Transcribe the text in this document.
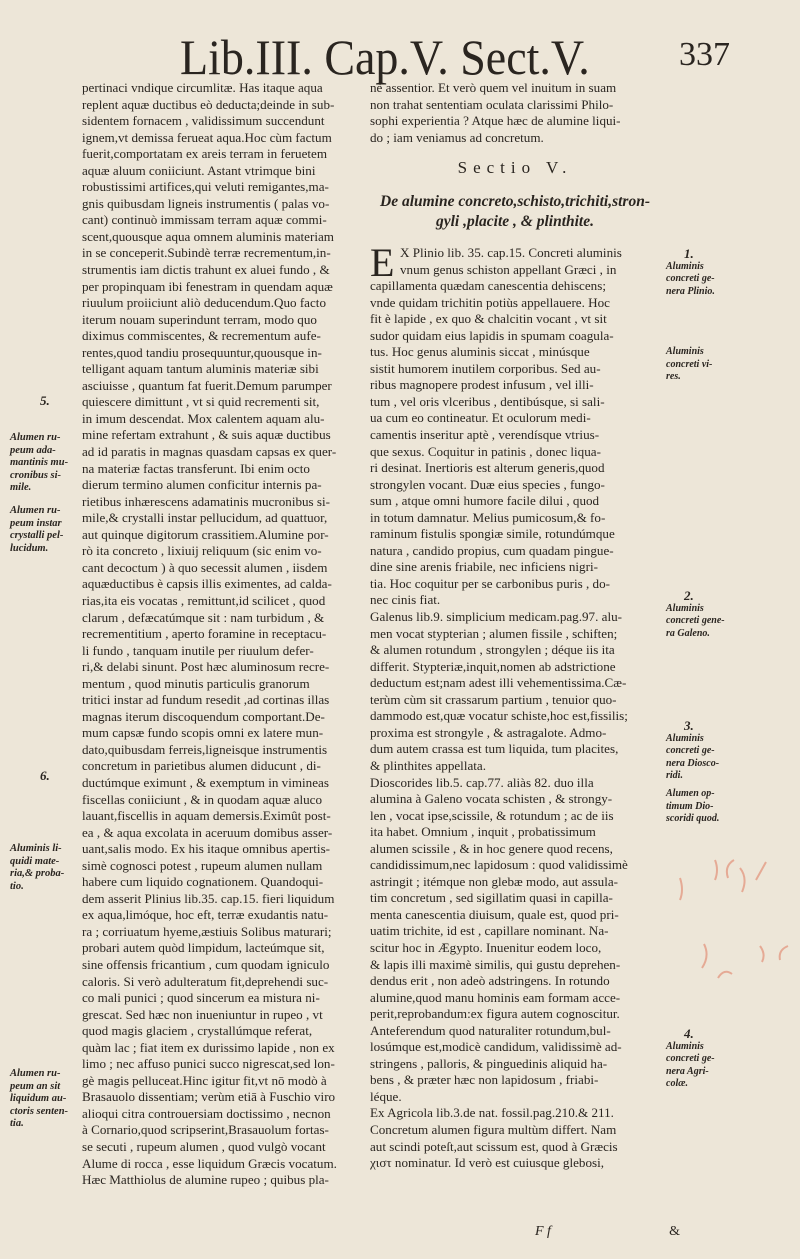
Lib.III. Cap.V. Sect.V.	337
pertinaci vndique circumlitæ. Has itaque aqua
replent aquæ ductibus eò deducta;deinde in sub-
sidentem fornacem , validissimum succendunt
ignem,vt demissa ferueat aqua.Hoc cùm factum
fuerit,comportatam ex areis terram in feruetem
aquæ aluum coniiciunt. Astant vtrimque bini
robustissimi artifices,qui veluti remigantes,ma-
gnis quibusdam ligneis instrumentis ( palas vo-
cant) continuò immissam terram aquæ commi-
scent,quousque aqua omnem aluminis materiam
in se conceperit.Subindè terræ recrementum,in-
strumentis iam dictis trahunt ex aluei fundo , &
per propinquam ibi fenestram in quendam aquæ
riuulum proiiciunt aliò deducendum.Quo facto
iterum nouam superindunt terram, modo quo
diximus commiscentes, & recrementum aufe-
rentes,quod tandiu prosequuntur,quousque in-
telligant aquam tantum aluminis materiæ sibi
asciuisse , quantum fat fuerit.Demum parumper
quiescere dimittunt , vt si quid recrementi sit,
in imum descendat. Mox calentem aquam alu-
mine refertam extrahunt , & suis aquæ ductibus
ad id paratis in magnas quasdam capsas ex quer-
na materiæ factas transferunt. Ibi enim octo
dierum termino alumen conficitur internis pa-
rietibus inhærescens adamatinis mucronibus si-
mile,& crystalli instar pellucidum, ad quattuor,
aut quinque digitorum crassitiem.Alumine por-
rò ita concreto , lixiuij reliquum (sic enim vo-
cant decoctum ) à quo secessit alumen , iisdem
aquæductibus è capsis illis eximentes, ad calda-
rias,ita eis vocatas , remittunt,id scilicet , quod
clarum , defæcatúmque sit : nam turbidum , &
recrementitium , aperto foramine in receptacu-
li fundo , tanquam inutile per riuulum defer-
ri,& delabi sinunt. Post hæc aluminosum recre-
mentum , quod minutis particulis granorum
tritici instar ad fundum resedit ,ad cortinas illas
magnas iterum discoquendum comportant.De-
mum capsæ fundo scopis omni ex latere mun-
dato,quibusdam ferreis,ligneisque instrumentis
concretum in parietibus alumen diducunt , di-
ductúmque eximunt , & exemptum in vimineas
fiscellas coniiciunt , & in quodam aquæ aluco
lauant,fiscellis in aquam demersis.Eximût post-
ea , & aqua excolata in aceruum domibus asser-
uant,salis modo. Ex his itaque omnibus apertis-
simè cognosci potest , rupeum alumen nullam
habere cum liquido cognationem. Quandoqui-
dem asserit Plinius lib.35. cap.15. fieri liquidum
ex aqua,limóque, hoc eft, terræ exudantis natu-
ra ; corriuatum hyeme,æstiuis Solibus maturari;
probari autem quòd limpidum, lacteúmque sit,
sine offensis fricantium , cum quodam igniculo
caloris. Si verò adulteratum fit,deprehendi suc-
co mali punici ; quod sincerum ea mistura ni-
grescat. Sed hæc non inueniuntur in rupeo , vt
quod magis glaciem , crystallúmque referat,
quàm lac ; fiat item ex durissimo lapide , non ex
limo ; nec affuso punici succo nigrescat,sed lon-
gè magis pelluceat.Hinc igitur fit,vt nō modò à
Brasauolo dissentiam; verùm etiā à Fuschio viro
alioqui citra controuersiam doctissimo , necnon
à Cornario,quod scripserint,Brasauolum fortas-
se secuti , rupeum alumen , quod vulgò vocant
Alume di rocca , esse liquidum Græcis vocatum.
Hæc Matthiolus de alumine rupeo ; quibus pla-
nè assentior. Et verò quem vel inuitum in suam
non trahat sententiam oculata clarissimi Philo-
sophi experientia ? Atque hæc de alumine liqui-
do ; iam veniamus ad concretum.
Sectio V.
De alumine concreto,schisto,trichiti,stron-
gyli ,placite , & plinthite.
E X Plinio lib. 35. cap.15. Concreti aluminis
vnum genus schiston appellant Græci , in
capillamenta quædam canescentia dehiscens;
vnde quidam trichitin potiùs appellauere. Hoc
fit è lapide , ex quo & chalcitin vocant , vt sit
sudor quidam eius lapidis in spumam coagula-
tus. Hoc genus aluminis siccat , minúsque
sistit humorem inutilem corporibus. Sed au-
ribus magnopere prodest infusum , vel illi-
tum , vel oris vlceribus , dentibúsque, si sali-
ua cum eo contineatur. Et oculorum medi-
camentis inseritur aptè , verendísque vtrius-
que sexus. Coquitur in patinis , donec liqua-
ri desinat. Inertioris est alterum generis,quod
strongylen vocant. Duæ eius species , fungo-
sum , atque omni humore facile dilui , quod
in totum damnatur. Melius pumicosum,& fo-
raminum fistulis spongiæ simile, rotundúmque
natura , candido propius, cum quadam pingue-
dine sine arenis friabile, nec inficiens nigri-
tia. Hoc coquitur per se carbonibus puris , do-
nec cinis fiat.
Galenus lib.9. simplicium medicam.pag.97. alu-
men vocat stypterian ; alumen fissile , schiften;
& alumen rotundum , strongylen ; déque iis ita
differit. Stypteriæ,inquit,nomen ab adstrictione
deductum est;nam adest illi vehementissima.Cæ-
terùm cùm sit crassarum partium , tenuior quo-
dammodo est,quæ vocatur schiste,hoc est,fissilis;
proxima est strongyle , & astragalote. Admo-
dum autem crassa est tum liquida, tum placites,
& plinthites appellata.
Dioscorides lib.5. cap.77. aliàs 82. duo illa
alumina à Galeno vocata schisten , & strongy-
len , vocat ipse,scissile, & rotundum ; ac de iis
ita habet. Omnium , inquit , probatissimum
alumen scissile , & in hoc genere quod recens,
candidissimum,nec lapidosum : quod validissimè
astringit ; itémque non glebæ modo, aut assula-
tim concretum , sed sigillatim quasi in capilla-
menta canescentia diuisum, quale est, quod pri-
uatim trichite, id est , capillare nominant. Na-
scitur hoc in Ægypto. Inuenitur eodem loco,
& lapis illi maximè similis, qui gustu deprehen-
dendus erit , non adeò adstringens. In rotundo
alumine,quod manu hominis eam formam acce-
perit,reprobandum:ex figura autem cognoscitur.
Anteferendum quod naturaliter rotundum,bul-
losúmque est,modicè candidum, validissimè ad-
stringens , palloris, & pinguedinis aliquid ha-
bens , & præter hæc non lapidosum , friabi-
léque.
Ex Agricola lib.3.de nat. fossil.pag.210.& 211.
Concretum alumen figura multùm differt. Nam
aut scindi poteſt,aut scissum est, quod à Græcis
χιστ nominatur. Id verò est cuiusque glebosi,
5.
Alumen ru-
peum ada-
mantinis mu-
cronibus si-
mile.
Alumen ru-
peum instar
crystalli pel-
lucidum.
6.
Aluminis li-
quidi mate-
ria,& proba-
tio.
Alumen ru-
peum an sit
liquidum au-
ctoris senten-
tia.
1.
Aluminis
concreti ge-
nera Plinio.
Aluminis
concreti vi-
res.
2.
Aluminis
concreti gene-
ra Galeno.
3.
Aluminis
concreti ge-
nera Diosco-
ridi.
Alumen op-
timum Dio-
scoridi quod.
4.
Aluminis
concreti ge-
nera Agri-
colæ.
F f	&
